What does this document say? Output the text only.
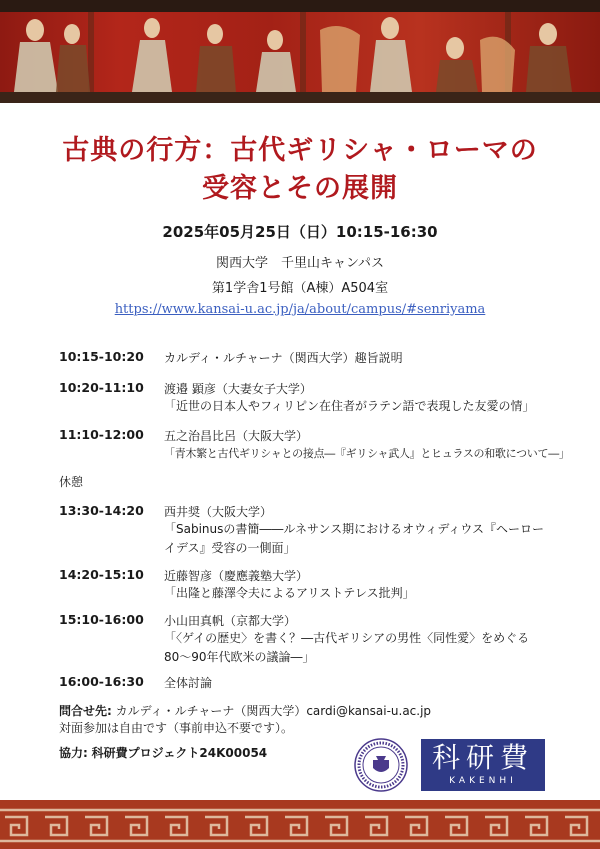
古典の行方：古代ギリシャ・ローマの
受容とその展開
2025年05月25日（日）10:15-16:30
関西大学　千里山キャンパス
第1学舎1号館（A棟）A504室
https://www.kansai-u.ac.jp/ja/about/campus/#senriyama
10:15-10:20 カルディ・ルチャーナ（関西大学）趣旨説明
10:20-11:10 渡邉 顕彦（大妻女子大学）
「近世の日本人やフィリピン在住者がラテン語で表現した友愛の情」
11:10-12:00 五之治昌比呂（大阪大学）
「青木繁と古代ギリシャとの接点―『ギリシャ武人』とヒュラスの和歌について―」
休憩
13:30-14:20 西井奨（大阪大学）
「Sabinusの書簡――ルネサンス期におけるオウィディウス『ヘーローイデス』受容の一側面」
14:20-15:10 近藤智彦（慶應義塾大学）
「出隆と藤澤令夫によるアリストテレス批判」
15:10-16:00 小山田真帆（京都大学）
「〈ゲイの歴史〉を書く？―古代ギリシアの男性〈同性愛〉をめぐる80〜90年代欧米の議論―」
16:00-16:30 全体討論
問合せ先: カルディ・ルチャーナ（関西大学）cardi@kansai-u.ac.jp
対面参加は自由です（事前申込不要です）。
協力: 科研費プロジェクト24K00054	科研費
KAKENHI
